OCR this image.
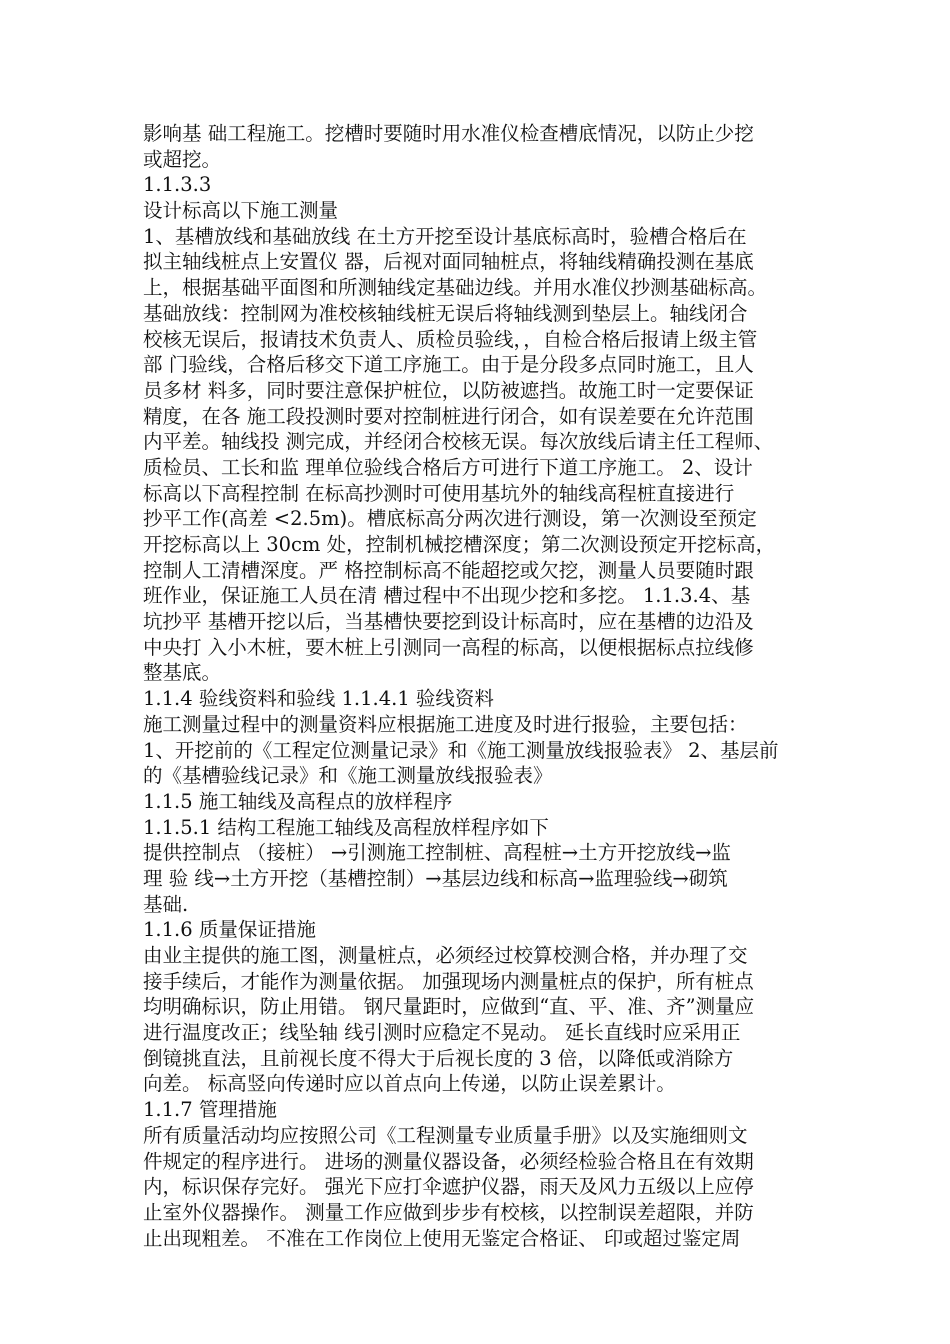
影响基 础工程施工。挖槽时要随时用水准仪检查槽底情况，以防止少挖
或超挖。
1.1.3.3
设计标高以下施工测量
1、基槽放线和基础放线 在土方开挖至设计基底标高时，验槽合格后在
拟主轴线桩点上安置仪 器，后视对面同轴桩点，将轴线精确投测在基底
上，根据基础平面图和所测轴线定基础边线。并用水准仪抄测基础标高。
基础放线：控制网为准校核轴线桩无误后将轴线测到垫层上。轴线闭合
校核无误后，报请技术负责人、质检员验线，，自检合格后报请上级主管
部 门验线，合格后移交下道工序施工。由于是分段多点同时施工，且人
员多材 料多，同时要注意保护桩位，以防被遮挡。故施工时一定要保证
精度，在各 施工段投测时要对控制桩进行闭合，如有误差要在允许范围
内平差。轴线投 测完成，并经闭合校核无误。每次放线后请主任工程师、
质检员、工长和监 理单位验线合格后方可进行下道工序施工。 2、设计
标高以下高程控制 在标高抄测时可使用基坑外的轴线高程桩直接进行
抄平工作(高差 <2.5m)。槽底标高分两次进行测设，第一次测设至预定
开挖标高以上 30cm 处，控制机械挖槽深度；第二次测设预定开挖标高，
控制人工清槽深度。严 格控制标高不能超挖或欠挖，测量人员要随时跟
班作业，保证施工人员在清 槽过程中不出现少挖和多挖。 1.1.3.4、基
坑抄平 基槽开挖以后，当基槽快要挖到设计标高时，应在基槽的边沿及
中央打 入小木桩，要木桩上引测同一高程的标高，以便根据标点拉线修
整基底。
1.1.4 验线资料和验线 1.1.4.1 验线资料
施工测量过程中的测量资料应根据施工进度及时进行报验，主要包括：
1、开挖前的《工程定位测量记录》和《施工测量放线报验表》 2、基层前
的《基槽验线记录》和《施工测量放线报验表》
1.1.5 施工轴线及高程点的放样程序
1.1.5.1 结构工程施工轴线及高程放样程序如下
提供控制点 （接桩） →引测施工控制桩、高程桩→土方开挖放线→监
理 验 线→土方开挖（基槽控制）→基层边线和标高→监理验线→砌筑
基础.
1.1.6 质量保证措施
由业主提供的施工图，测量桩点，必须经过校算校测合格，并办理了交
接手续后，才能作为测量依据。 加强现场内测量桩点的保护，所有桩点
均明确标识，防止用错。 钢尺量距时，应做到“直、平、准、齐”测量应
进行温度改正；线坠轴 线引测时应稳定不晃动。 延长直线时应采用正
倒镜挑直法，且前视长度不得大于后视长度的 3 倍，以降低或消除方
向差。 标高竖向传递时应以首点向上传递，以防止误差累计。
1.1.7 管理措施
所有质量活动均应按照公司《工程测量专业质量手册》以及实施细则文
件规定的程序进行。 进场的测量仪器设备，必须经检验合格且在有效期
内，标识保存完好。 强光下应打伞遮护仪器，雨天及风力五级以上应停
止室外仪器操作。 测量工作应做到步步有校核，以控制误差超限，并防
止出现粗差。 不准在工作岗位上使用无鉴定合格证、 印或超过鉴定周
